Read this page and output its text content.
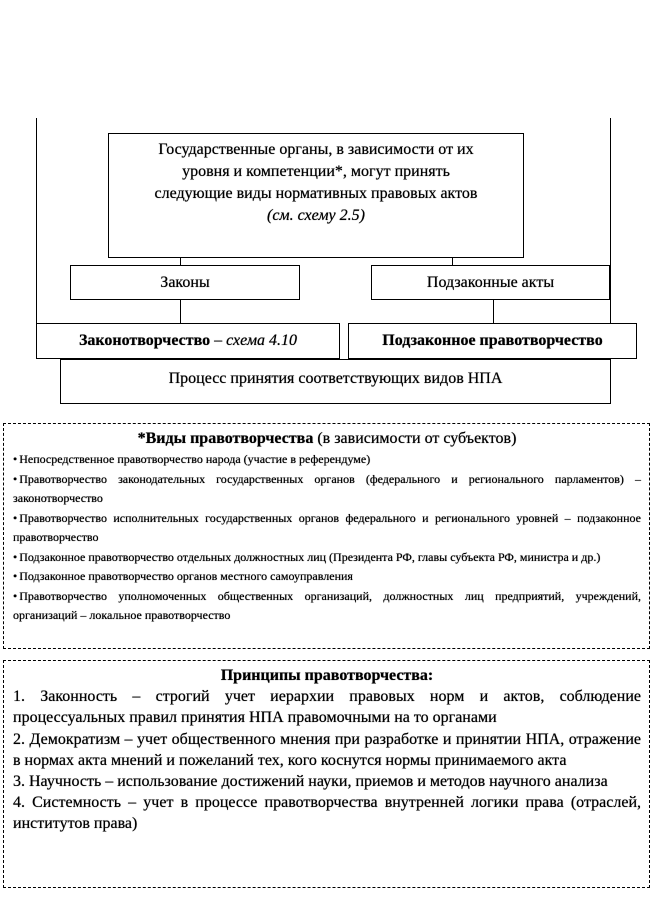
Государственные органы, в зависимости от их
уровня и компетенции*, могут принять
следующие виды нормативных правовых актов
(см. схему 2.5)
Законы	Подзаконные акты
Законотворчество – схема 4.10	Подзаконное правотворчество
Процесс принятия соответствующих видов НПА
*Виды правотворчества (в зависимости от субъектов)
• Непосредственное правотворчество народа (участие в референдуме)
• Правотворчество законодательных государственных органов (федерального и регионального парламентов) – законотворчество
• Правотворчество исполнительных государственных органов федерального и регионального уровней – подзаконное правотворчество
• Подзаконное правотворчество отдельных должностных лиц (Президента РФ, главы субъекта РФ, министра и др.)
• Подзаконное правотворчество органов местного самоуправления
• Правотворчество уполномоченных общественных организаций, должностных лиц предприятий, учреждений, организаций – локальное правотворчество
Принципы правотворчества:
1. Законность – строгий учет иерархии правовых норм и актов, соблюдение процессуальных правил принятия НПА правомочными на то органами
2. Демократизм – учет общественного мнения при разработке и принятии НПА, отражение в нормах акта мнений и пожеланий тех, кого коснутся нормы принимаемого акта
3. Научность – использование достижений науки, приемов и методов научного анализа
4. Системность – учет в процессе правотворчества внутренней логики права (отраслей, институтов права)
